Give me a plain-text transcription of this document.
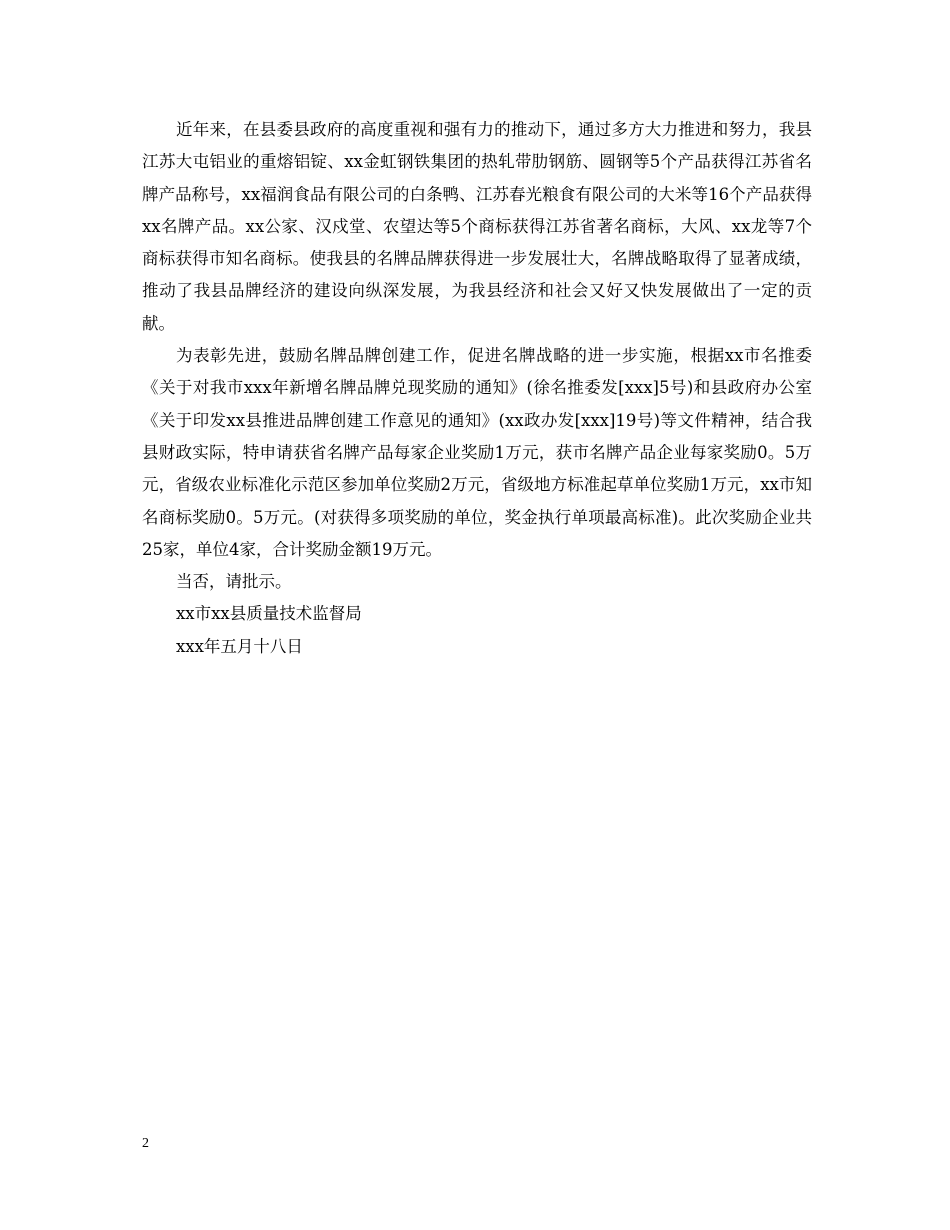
近年来，在县委县政府的高度重视和强有力的推动下，通过多方大力推进和努力，我县江苏大屯铝业的重熔铝锭、xx金虹钢铁集团的热轧带肋钢筋、圆钢等5个产品获得江苏省名牌产品称号，xx福润食品有限公司的白条鸭、江苏春光粮食有限公司的大米等16个产品获得xx名牌产品。xx公家、汉戍堂、农望达等5个商标获得江苏省著名商标，大风、xx龙等7个商标获得市知名商标。使我县的名牌品牌获得进一步发展壮大，名牌战略取得了显著成绩，推动了我县品牌经济的建设向纵深发展，为我县经济和社会又好又快发展做出了一定的贡献。

为表彰先进，鼓励名牌品牌创建工作，促进名牌战略的进一步实施，根据xx市名推委《关于对我市xxx年新增名牌品牌兑现奖励的通知》(徐名推委发[xxx]5号)和县政府办公室《关于印发xx县推进品牌创建工作意见的通知》(xx政办发[xxx]19号)等文件精神，结合我县财政实际，特申请获省名牌产品每家企业奖励1万元，获市名牌产品企业每家奖励0。5万元，省级农业标准化示范区参加单位奖励2万元，省级地方标准起草单位奖励1万元，xx市知名商标奖励0。5万元。(对获得多项奖励的单位，奖金执行单项最高标准)。此次奖励企业共25家，单位4家，合计奖励金额19万元。

当否，请批示。

xx市xx县质量技术监督局

xxx年五月十八日

2
